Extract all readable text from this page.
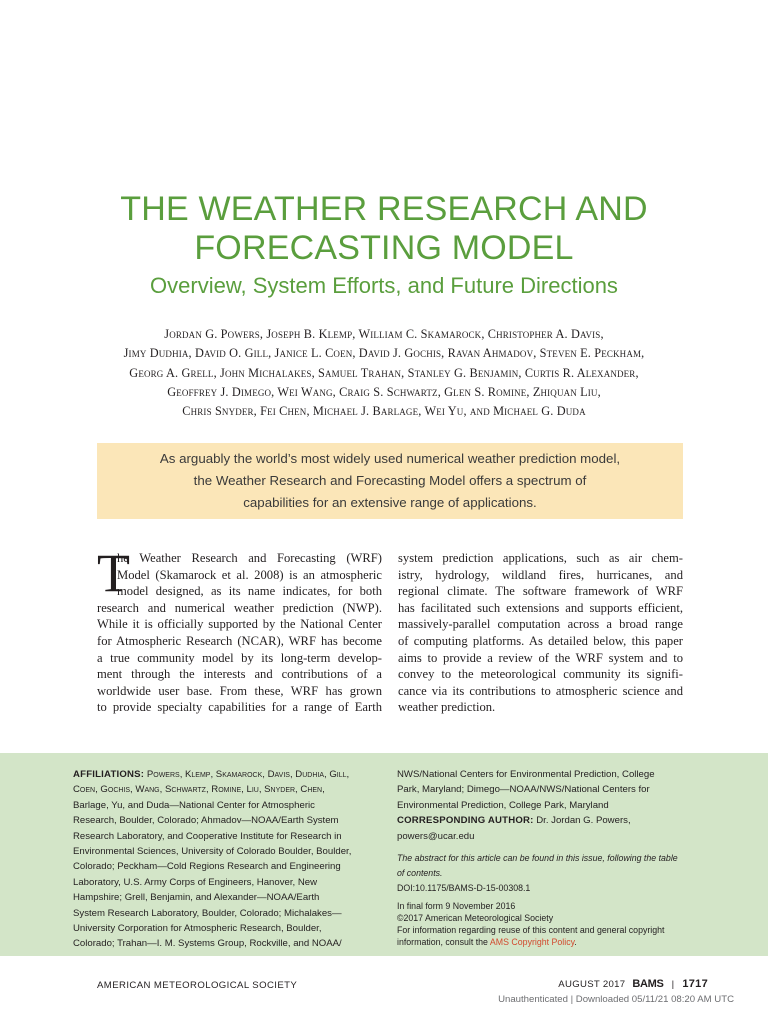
THE WEATHER RESEARCH AND
FORECASTING MODEL
Overview, System Efforts, and Future Directions
Jordan G. Powers, Joseph B. Klemp, William C. Skamarock, Christopher A. Davis,
Jimy Dudhia, David O. Gill, Janice L. Coen, David J. Gochis, Ravan Ahmadov, Steven E. Peckham,
Georg A. Grell, John Michalakes, Samuel Trahan, Stanley G. Benjamin, Curtis R. Alexander,
Geoffrey J. Dimego, Wei Wang, Craig S. Schwartz, Glen S. Romine, Zhiquan Liu,
Chris Snyder, Fei Chen, Michael J. Barlage, Wei Yu, and Michael G. Duda
As arguably the world’s most widely used numerical weather prediction model,
the Weather Research and Forecasting Model offers a spectrum of
capabilities for an extensive range of applications.
T
he Weather Research and Forecasting (WRF)
Model (Skamarock et al. 2008) is an atmospheric
model designed, as its name indicates, for both
research and numerical weather prediction (NWP).
While it is officially supported by the National Center
for Atmospheric Research (NCAR), WRF has become
a true community model by its long-term develop-
ment through the interests and contributions of a
worldwide user base. From these, WRF has grown
to provide specialty capabilities for a range of Earth
system prediction applications, such as air chem-
istry, hydrology, wildland fires, hurricanes, and
regional climate. The software framework of WRF
has facilitated such extensions and supports efficient,
massively-parallel computation across a broad range
of computing platforms. As detailed below, this paper
aims to provide a review of the WRF system and to
convey to the meteorological community its signifi-
cance via its contributions to atmospheric science and
weather prediction.
AFFILIATIONS: Powers, Klemp, Skamarock, Davis, Dudhia, Gill,
Coen, Gochis, Wang, Schwartz, Romine, Liu, Snyder, Chen,
Barlage, Yu, and Duda—National Center for Atmospheric
Research, Boulder, Colorado; Ahmadov—NOAA/Earth System
Research Laboratory, and Cooperative Institute for Research in
Environmental Sciences, University of Colorado Boulder, Boulder,
Colorado; Peckham—Cold Regions Research and Engineering
Laboratory, U.S. Army Corps of Engineers, Hanover, New
Hampshire; Grell, Benjamin, and Alexander—NOAA/Earth
System Research Laboratory, Boulder, Colorado; Michalakes—
University Corporation for Atmospheric Research, Boulder,
Colorado; Trahan—I. M. Systems Group, Rockville, and NOAA/
NWS/National Centers for Environmental Prediction, College
Park, Maryland; Dimego—NOAA/NWS/National Centers for
Environmental Prediction, College Park, Maryland
CORRESPONDING AUTHOR: Dr. Jordan G. Powers,
powers@ucar.edu
The abstract for this article can be found in this issue, following the table
of contents.
DOI:10.1175/BAMS-D-15-00308.1
In final form 9 November 2016
©2017 American Meteorological Society
For information regarding reuse of this content and general copyright
information, consult the AMS Copyright Policy.
AMERICAN METEOROLOGICAL SOCIETY	AUGUST 2017 BAMS | 1717
Unauthenticated | Downloaded 05/11/21 08:20 AM UTC
